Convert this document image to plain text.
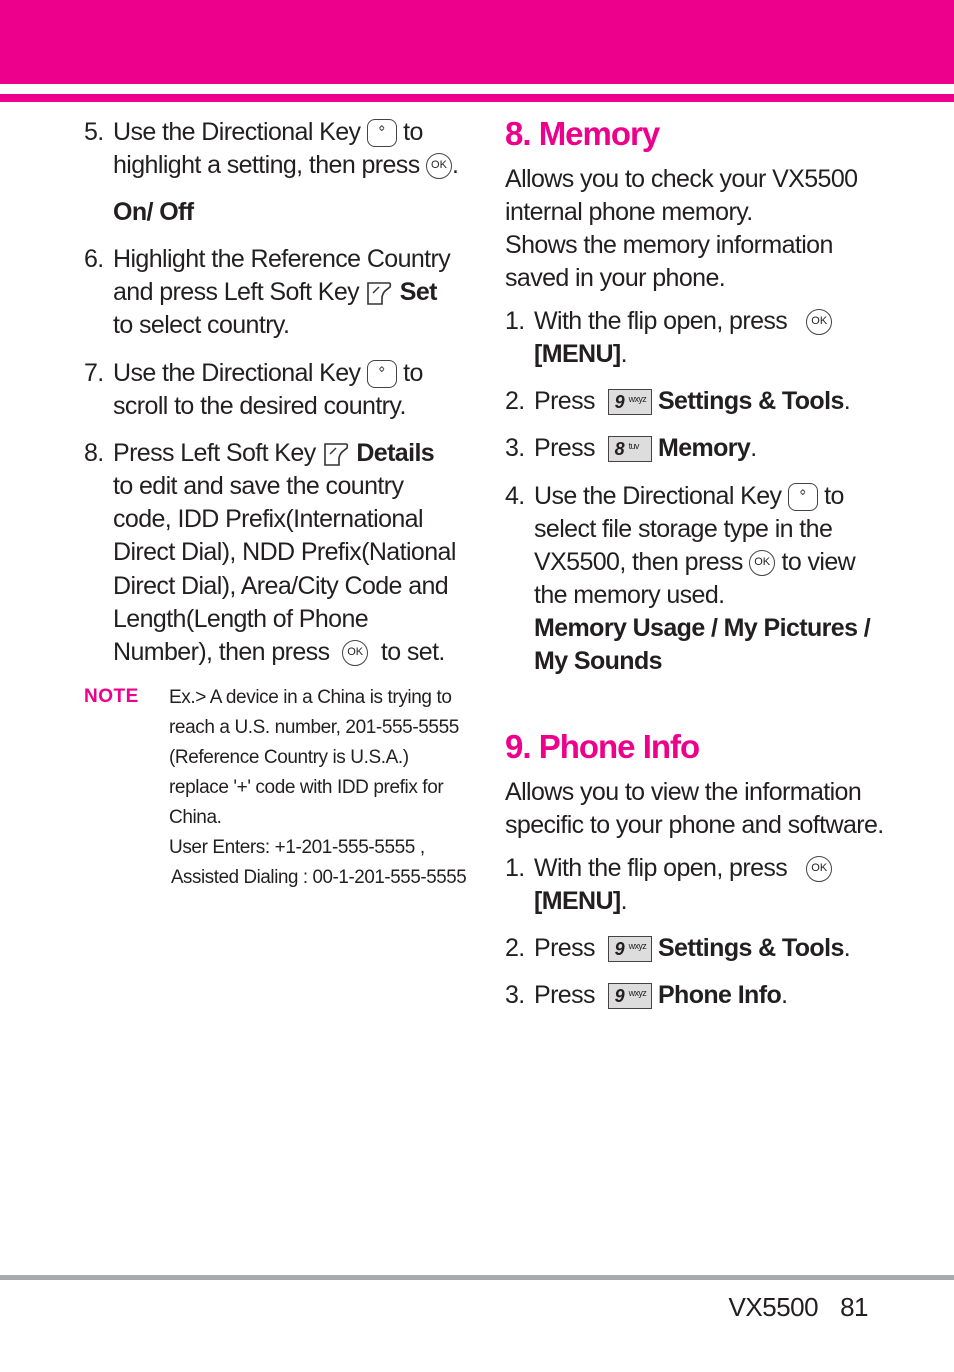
5. Use the Directional Key ⌃ ⌄ to
highlight a setting, then press OK .
On/ Off
6. Highlight the Reference Country
and press Left Soft Key Set
to select country.
7. Use the Directional Key ⌃ ⌄ to
scroll to the desired country.
8. Press Left Soft Key Details
to edit and save the country
code, IDD Prefix(International
Direct Dial), NDD Prefix(National
Direct Dial), Area/City Code and
Length(Length of Phone
Number), then press OK to set.
NOTE Ex.> A device in a China is trying to
reach a U.S. number, 201-555-5555
(Reference Country is U.S.A.)
replace '+' code with IDD prefix for
China.
User Enters: +1-201-555-5555 ,
Assisted Dialing : 00-1-201-555-5555
8. Memory
Allows you to check your VX5500
internal phone memory.
Shows the memory information
saved in your phone.
1. With the flip open, press OK
[MENU].
2. Press 9 wxyz Settings & Tools.
3. Press 8 tuv Memory.
4. Use the Directional Key ⌃ ⌄ to
select file storage type in the
VX5500, then press OK to view
the memory used.
Memory Usage / My Pictures /
My Sounds
9. Phone Info
Allows you to view the information
specific to your phone and software.
1. With the flip open, press OK
[MENU].
2. Press 9 wxyz Settings & Tools.
3. Press 9 wxyz Phone Info.
VX5500 81
